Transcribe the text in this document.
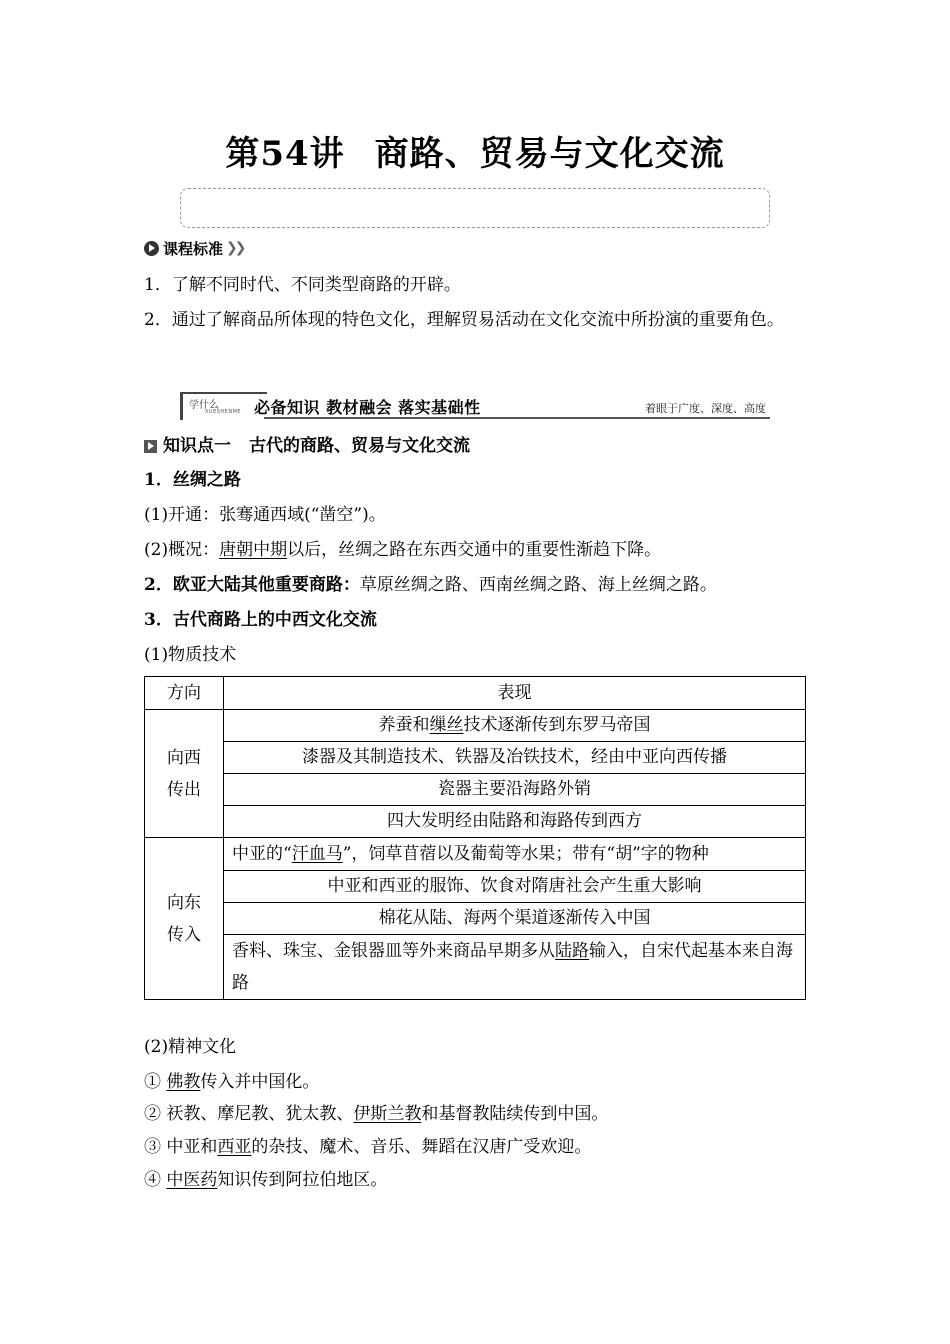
第54讲 商路、贸易与文化交流
课程标准 ❯❯
1．了解不同时代、不同类型商路的开辟。
2．通过了解商品所体现的特色文化，理解贸易活动在文化交流中所扮演的重要角色。
学什么
XUESHENME 必备知识 教材融会 落实基础性	着眼于广度、深度、高度
知识点一 古代的商路、贸易与文化交流
1．丝绸之路
(1)开通：张骞通西域(“凿空”)。
(2)概况：唐朝中期以后，丝绸之路在东西交通中的重要性渐趋下降。
2．欧亚大陆其他重要商路：草原丝绸之路、西南丝绸之路、海上丝绸之路。
3．古代商路上的中西文化交流
(1)物质技术
方向	表现
向西
传出	养蚕和缫丝技术逐渐传到东罗马帝国
	漆器及其制造技术、铁器及冶铁技术，经由中亚向西传播
	瓷器主要沿海路外销
	四大发明经由陆路和海路传到西方
向东
传入	中亚的“汗血马”，饲草苜蓿以及葡萄等水果；带有“胡”字的物种
	中亚和西亚的服饰、饮食对隋唐社会产生重大影响
	棉花从陆、海两个渠道逐渐传入中国
	香料、珠宝、金银器皿等外来商品早期多从陆路输入，自宋代起基本来自海路
(2)精神文化
① 佛教传入并中国化。
② 祆教、摩尼教、犹太教、伊斯兰教和基督教陆续传到中国。
③ 中亚和西亚的杂技、魔术、音乐、舞蹈在汉唐广受欢迎。
④ 中医药知识传到阿拉伯地区。
